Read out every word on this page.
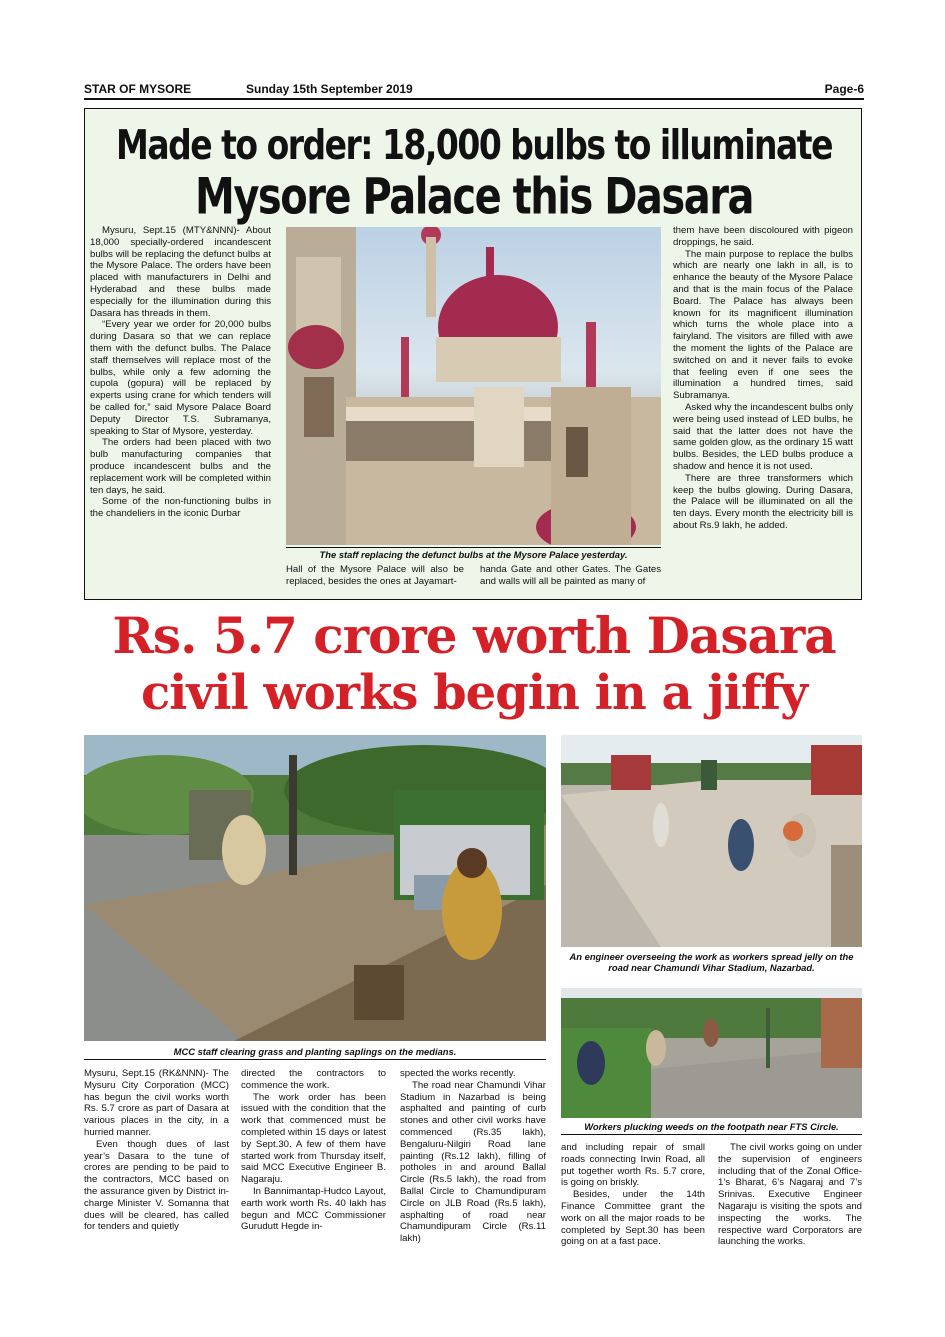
STAR OF MYSORE	Sunday 15th September 2019	Page-6
Made to order: 18,000 bulbs to illuminate
Mysore Palace this Dasara

Mysuru, Sept.15 (MTY&NNN)- About 18,000 specially-ordered incandescent bulbs will be replacing the defunct bulbs at the Mysore Palace. The orders have been placed with manufacturers in Delhi and Hyderabad and these bulbs made especially for the illumination during this Dasara has threads in them.

“Every year we order for 20,000 bulbs during Dasara so that we can replace them with the defunct bulbs. The Palace staff themselves will replace most of the bulbs, while only a few adorning the cupola (gopura) will be replaced by experts using crane for which tenders will be called for,” said Mysore Palace Board Deputy Director T.S. Subramanya, speaking to Star of Mysore, yesterday.

The orders had been placed with two bulb manufacturing companies that produce incandescent bulbs and the replacement work will be completed within ten days, he said.

Some of the non-functioning bulbs in the chandeliers in the iconic Durbar

The staff replacing the defunct bulbs at the Mysore Palace yesterday.

Hall of the Mysore Palace will also be replaced, besides the ones at Jayamart-

handa Gate and other Gates. The Gates and walls will all be painted as many of

them have been discoloured with pigeon droppings, he said.

The main purpose to replace the bulbs which are nearly one lakh in all, is to enhance the beauty of the Mysore Palace and that is the main focus of the Palace Board. The Palace has always been known for its magnificent illumination which turns the whole place into a fairyland. The visitors are filled with awe the moment the lights of the Palace are switched on and it never fails to evoke that feeling even if one sees the illumination a hundred times, said Subramanya.

Asked why the incandescent bulbs only were being used instead of LED bulbs, he said that the latter does not have the same golden glow, as the ordinary 15 watt bulbs. Besides, the LED bulbs produce a shadow and hence it is not used.

There are three transformers which keep the bulbs glowing. During Dasara, the Palace will be illuminated on all the ten days. Every month the electricity bill is about Rs.9 lakh, he added.

Rs. 5.7 crore worth Dasara
civil works begin in a jiffy
MCC staff clearing grass and planting saplings on the medians.
An engineer overseeing the work as workers spread jelly on the road near Chamundi Vihar Stadium, Nazarbad.
Workers plucking weeds on the footpath near FTS Circle.

Mysuru, Sept.15 (RK&NNN)- The Mysuru City Corporation (MCC) has begun the civil works worth Rs. 5.7 crore as part of Dasara at various places in the city, in a hurried manner.

Even though dues of last year’s Dasara to the tune of crores are pending to be paid to the contractors, MCC based on the assurance given by District in-charge Minister V. Somanna that dues will be cleared, has called for tenders and quietly

directed the contractors to commence the work.

The work order has been issued with the condition that the work that commenced must be completed within 15 days or latest by Sept.30. A few of them have started work from Thursday itself, said MCC Executive Engineer B. Nagaraju.

In Bannimantap-Hudco Layout, earth work worth Rs. 40 lakh has begun and MCC Commissioner Gurudutt Hegde in-

spected the works recently.

The road near Chamundi Vihar Stadium in Nazarbad is being asphalted and painting of curb stones and other civil works have commenced (Rs.35 lakh), Bengaluru-Nilgiri Road lane painting (Rs.12 lakh), filling of potholes in and around Ballal Circle (Rs.5 lakh), the road from Ballal Circle to Chamundipuram Circle on JLB Road (Rs.5 lakh), asphalting of road near Chamundipuram Circle (Rs.11 lakh)

and including repair of small roads connecting Irwin Road, all put together worth Rs. 5.7 crore, is going on briskly.

Besides, under the 14th Finance Committee grant the work on all the major roads to be completed by Sept.30 has been going on at a fast pace.

The civil works going on under the supervision of engineers including that of the Zonal Office-1’s Bharat, 6’s Nagaraj and 7’s Srinivas. Executive Engineer Nagaraju is visiting the spots and inspecting the works. The respective ward Corporators are launching the works.
